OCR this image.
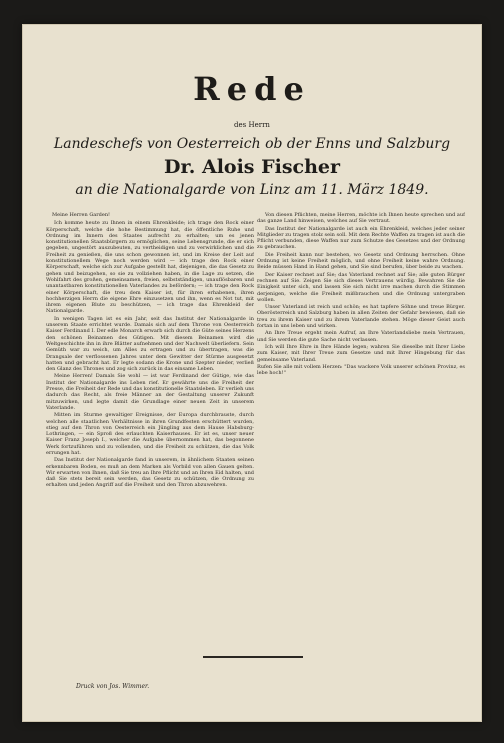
Rede
des Herrn
Landeschefs von Oesterreich ob der Enns und Salzburg
Dr. Alois Fischer
an die Nationalgarde von Linz am 11. März 1849.

Meine Herren Garden!

Ich komme heute zu Ihnen in einem Ehrenkleide; ich trage den Rock einer Körperschaft, welche die hohe Bestimmung hat, die öffentliche Ruhe und Ordnung im Innern des Staates aufrecht zu erhalten; um es jenen konstitutionellen Staatsbürgern zu ermöglichen, seine Lebensgrunde, die er sich gegeben, ungestört auszubeuten, zu vertheidigen und zu verwirklichen und die Freiheit zu genießen, die uns schon gewonnen ist, und im Kreise der Leit auf konstitutionellem Wege noch werden wird — ich trage den Rock einer Körperschaft, welche sich zur Aufgabe gestellt hat, diejenigen, die das Gesetz zu gehen und beizugehen, so sie zu vollziehen haben, in die Lage zu setzen, die Wohlfahrt des großen, gemeinsamen, freien, selbstständigen, unauflösbaren und unantastbaren konstitutionellen Vaterlandes zu befördern; — ich trage den Rock einer Körperschaft, die treu dem Kaiser ist, für ihren erhabenen, ihren hochherzigen Herrn die eigene Ehre einzusetzen und ihn, wenn es Not tut, mit ihrem eigenen Blute zu beschützen, — ich trage das Ehrenkleid der Nationalgarde.

In wenigen Tagen ist es ein Jahr, seit das Institut der Nationalgarde in unserem Staate errichtet wurde. Damals sich auf dem Throne von Oesterreich Kaiser Ferdinand I. Der edle Monarch erwarb sich durch die Güte seines Herzens den schönen Beinamen des Gütigen. Mit diesem Beinamen wird die Weltgeschichte ihn in ihre Blätter aufnehmen und der Nachwelt überliefern. Sein Gemüth war zu weich, um Alles zu ertragen und zu übertragen, was die Drangsale der verflossenen Jahres unter dem Gewitter der Stürme ausgesetzt hatten und gebracht hat. Er legte sodann die Krone und Szepter nieder, verließ den Glanz des Thrones und zog sich zurück in das einsame Leben.

Meine Herren! Damals Sie wohl — ist war Ferdinand der Gütige, wie das Institut der Nationalgarde ins Leben rief. Er gewährte uns die Freiheit der Presse, die Freiheit der Rede und das konstitutionelle Staatsleben. Er verlieh uns dadurch das Recht, als freie Männer an der Gestaltung unserer Zukunft mitzuwirken, und legte damit die Grundlage einer neuen Zeit in unserem Vaterlande.

Mitten im Sturme gewaltiger Ereignisse, der Europa durchbrauste, durch welchen alle staatlichen Verhältnisse in ihren Grundfesten erschüttert wurden, stieg auf den Thron von Oesterreich ein Jüngling aus dem Hause Habsburg-Lothringen, — ein Sproß des erlauchten Kaiserhauses. Er ist es, unser neuer Kaiser Franz Joseph I., welcher die Aufgabe übernommen hat, das begonnene Werk fortzuführen und zu vollenden, und die Freiheit zu schützen, die das Volk errungen hat.

Das Institut der Nationalgarde fand in unserem, in ähnlichem Staaten seinen erkennbaren Boden, es muß an dem Marken als Vorbild von allen Gauen gelten. Wir erwarten von Ihnen, daß Sie treu an Ihre Pflicht und an Ihren Eid halten, und daß Sie stets bereit sein werden, das Gesetz zu schützen, die Ordnung zu erhalten und jeden Angriff auf die Freiheit und den Thron abzuwehren.

Von diesen Pflichten, meine Herren, möchte ich Ihnen heute sprechen und auf das ganze Land hinweisen, welches auf Sie vertraut.

Das Institut der Nationalgarde ist auch ein Ehrenkleid, welches jeder seiner Mitglieder zu tragen stolz sein soll. Mit dem Rechte Waffen zu tragen ist auch die Pflicht verbunden, diese Waffen nur zum Schutze des Gesetzes und der Ordnung zu gebrauchen.

Die Freiheit kann nur bestehen, wo Gesetz und Ordnung herrschen. Ohne Ordnung ist keine Freiheit möglich, und ohne Freiheit keine wahre Ordnung. Beide müssen Hand in Hand gehen, und Sie sind berufen, über beide zu wachen.

Der Kaiser rechnet auf Sie; das Vaterland rechnet auf Sie; alle guten Bürger rechnen auf Sie. Zeigen Sie sich dieses Vertrauens würdig. Bewahren Sie die Einigkeit unter sich, und lassen Sie sich nicht irre machen durch die Stimmen derjenigen, welche die Freiheit mißbrauchen und die Ordnung untergraben wollen.

Unser Vaterland ist reich und schön; es hat tapfere Söhne und treue Bürger. Oberösterreich und Salzburg haben in allen Zeiten der Gefahr bewiesen, daß sie treu zu ihrem Kaiser und zu ihrem Vaterlande stehen. Möge dieser Geist auch fortan in uns leben und wirken.

An Ihre Treue ergeht mein Aufruf, an Ihre Vaterlandsliebe mein Vertrauen, und Sie werden die gute Sache nicht verlassen.

Ich will Ihre Ehre in Ihre Hände legen; wahren Sie dieselbe mit Ihrer Liebe zum Kaiser, mit Ihrer Treue zum Gesetze und mit Ihrer Hingebung für das gemeinsame Vaterland.

Rufen Sie alle mit vollem Herzen: "Das wackere Volk unserer schönen Provinz, es lebe hoch!"

Druck von Jos. Wimmer.
